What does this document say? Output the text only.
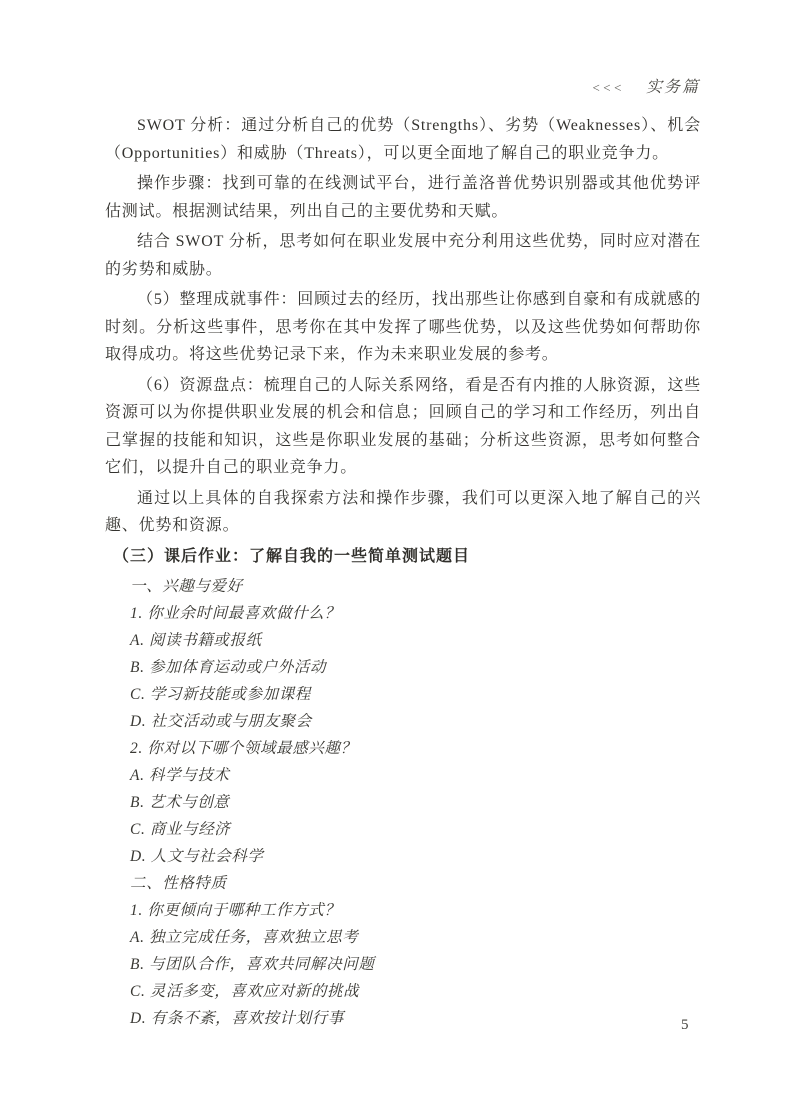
<<< 实务篇

SWOT 分析：通过分析自己的优势（Strengths）、劣势（Weaknesses）、机会（Opportunities）和威胁（Threats），可以更全面地了解自己的职业竞争力。

操作步骤：找到可靠的在线测试平台，进行盖洛普优势识别器或其他优势评估测试。根据测试结果，列出自己的主要优势和天赋。

结合 SWOT 分析，思考如何在职业发展中充分利用这些优势，同时应对潜在的劣势和威胁。

（5）整理成就事件：回顾过去的经历，找出那些让你感到自豪和有成就感的时刻。分析这些事件，思考你在其中发挥了哪些优势，以及这些优势如何帮助你取得成功。将这些优势记录下来，作为未来职业发展的参考。

（6）资源盘点：梳理自己的人际关系网络，看是否有内推的人脉资源，这些资源可以为你提供职业发展的机会和信息；回顾自己的学习和工作经历，列出自己掌握的技能和知识，这些是你职业发展的基础；分析这些资源，思考如何整合它们，以提升自己的职业竞争力。

通过以上具体的自我探索方法和操作步骤，我们可以更深入地了解自己的兴趣、优势和资源。

（三）课后作业：了解自我的一些简单测试题目

一、兴趣与爱好

1. 你业余时间最喜欢做什么？

A. 阅读书籍或报纸

B. 参加体育运动或户外活动

C. 学习新技能或参加课程

D. 社交活动或与朋友聚会

2. 你对以下哪个领域最感兴趣？

A. 科学与技术

B. 艺术与创意

C. 商业与经济

D. 人文与社会科学

二、性格特质

1. 你更倾向于哪种工作方式？

A. 独立完成任务，喜欢独立思考

B. 与团队合作，喜欢共同解决问题

C. 灵活多变，喜欢应对新的挑战

D. 有条不紊，喜欢按计划行事	5
